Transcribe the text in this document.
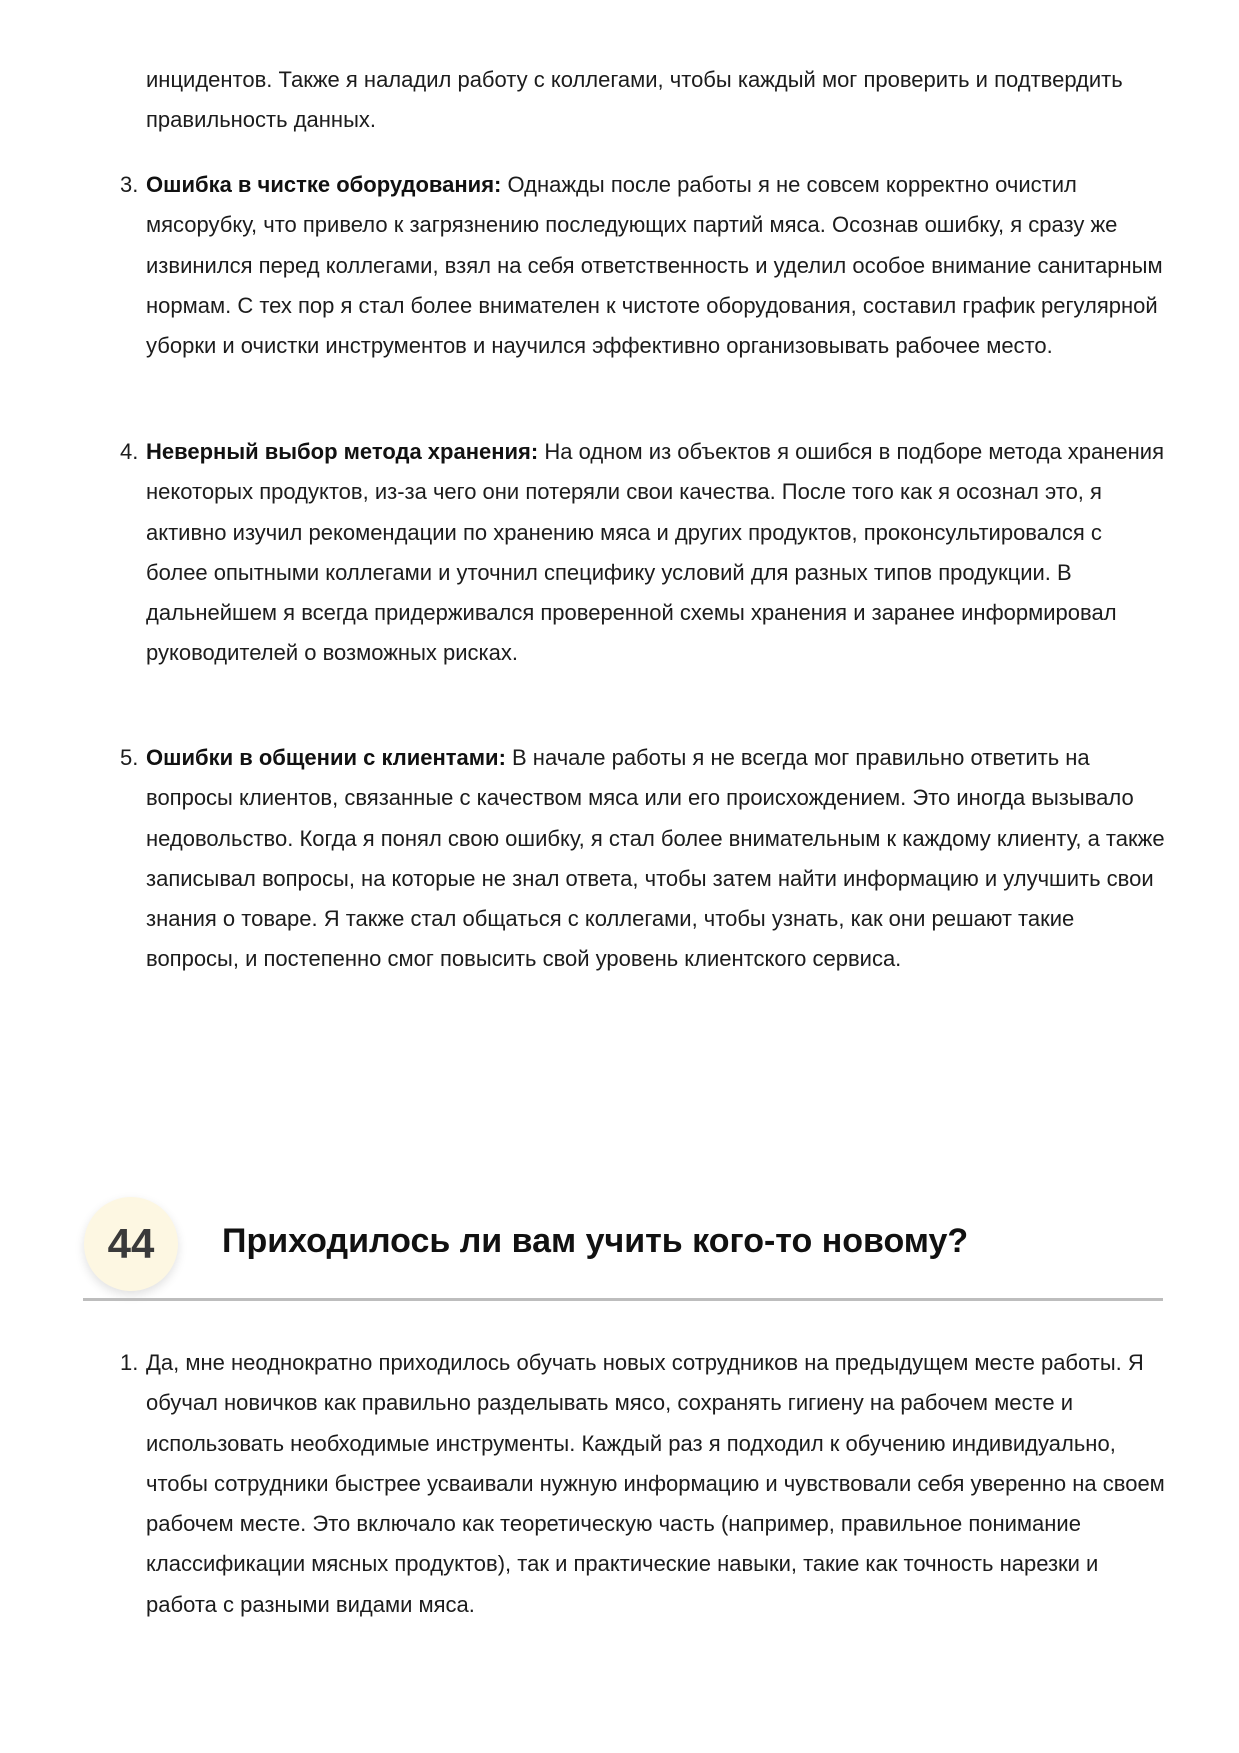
инцидентов. Также я наладил работу с коллегами, чтобы каждый мог проверить и подтвердить правильность данных.
3. Ошибка в чистке оборудования: Однажды после работы я не совсем корректно очистил мясорубку, что привело к загрязнению последующих партий мяса. Осознав ошибку, я сразу же извинился перед коллегами, взял на себя ответственность и уделил особое внимание санитарным нормам. С тех пор я стал более внимателен к чистоте оборудования, составил график регулярной уборки и очистки инструментов и научился эффективно организовывать рабочее место.
4. Неверный выбор метода хранения: На одном из объектов я ошибся в подборе метода хранения некоторых продуктов, из-за чего они потеряли свои качества. После того как я осознал это, я активно изучил рекомендации по хранению мяса и других продуктов, проконсультировался с более опытными коллегами и уточнил специфику условий для разных типов продукции. В дальнейшем я всегда придерживался проверенной схемы хранения и заранее информировал руководителей о возможных рисках.
5. Ошибки в общении с клиентами: В начале работы я не всегда мог правильно ответить на вопросы клиентов, связанные с качеством мяса или его происхождением. Это иногда вызывало недовольство. Когда я понял свою ошибку, я стал более внимательным к каждому клиенту, а также записывал вопросы, на которые не знал ответа, чтобы затем найти информацию и улучшить свои знания о товаре. Я также стал общаться с коллегами, чтобы узнать, как они решают такие вопросы, и постепенно смог повысить свой уровень клиентского сервиса.
44	Приходилось ли вам учить кого-то новому?
1. Да, мне неоднократно приходилось обучать новых сотрудников на предыдущем месте работы. Я обучал новичков как правильно разделывать мясо, сохранять гигиену на рабочем месте и использовать необходимые инструменты. Каждый раз я подходил к обучению индивидуально, чтобы сотрудники быстрее усваивали нужную информацию и чувствовали себя уверенно на своем рабочем месте. Это включало как теоретическую часть (например, правильное понимание классификации мясных продуктов), так и практические навыки, такие как точность нарезки и работа с разными видами мяса.
